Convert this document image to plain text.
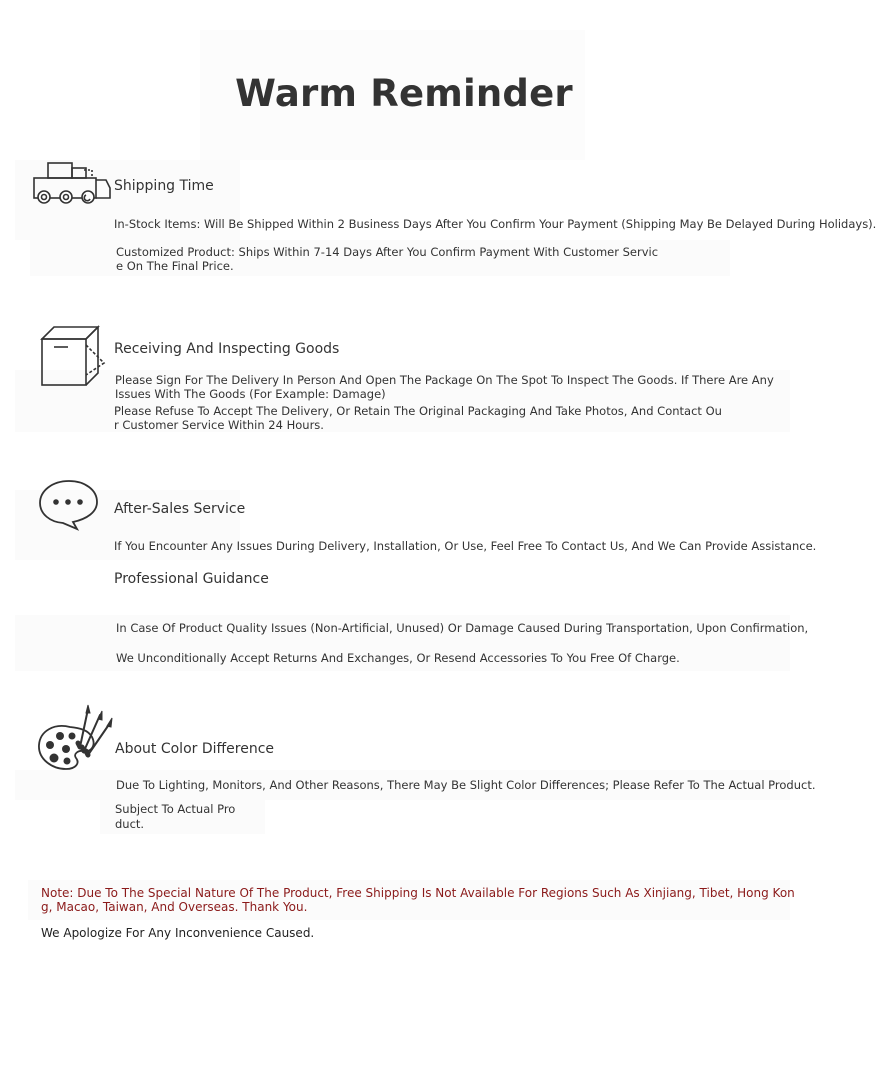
Warm Reminder
Shipping Time
In-Stock Items: Will Be Shipped Within 2 Business Days After You Confirm Your Payment (Shipping May Be Delayed During Holidays).
Customized Product: Ships Within 7-14 Days After You Confirm Payment With Customer Servic
e On The Final Price.
Receiving And Inspecting Goods
Please Sign For The Delivery In Person And Open The Package On The Spot To Inspect The Goods. If There Are Any
Issues With The Goods (For Example: Damage)
Please Refuse To Accept The Delivery, Or Retain The Original Packaging And Take Photos, And Contact Ou
r Customer Service Within 24 Hours.
After-Sales Service
If You Encounter Any Issues During Delivery, Installation, Or Use, Feel Free To Contact Us, And We Can Provide Assistance.
Professional Guidance
In Case Of Product Quality Issues (Non-Artificial, Unused) Or Damage Caused During Transportation, Upon Confirmation,
We Unconditionally Accept Returns And Exchanges, Or Resend Accessories To You Free Of Charge.
About Color Difference
Due To Lighting, Monitors, And Other Reasons, There May Be Slight Color Differences; Please Refer To The Actual Product.
Subject To Actual Pro
duct.
Note: Due To The Special Nature Of The Product, Free Shipping Is Not Available For Regions Such As Xinjiang, Tibet, Hong Kon
g, Macao, Taiwan, And Overseas. Thank You.
We Apologize For Any Inconvenience Caused.
